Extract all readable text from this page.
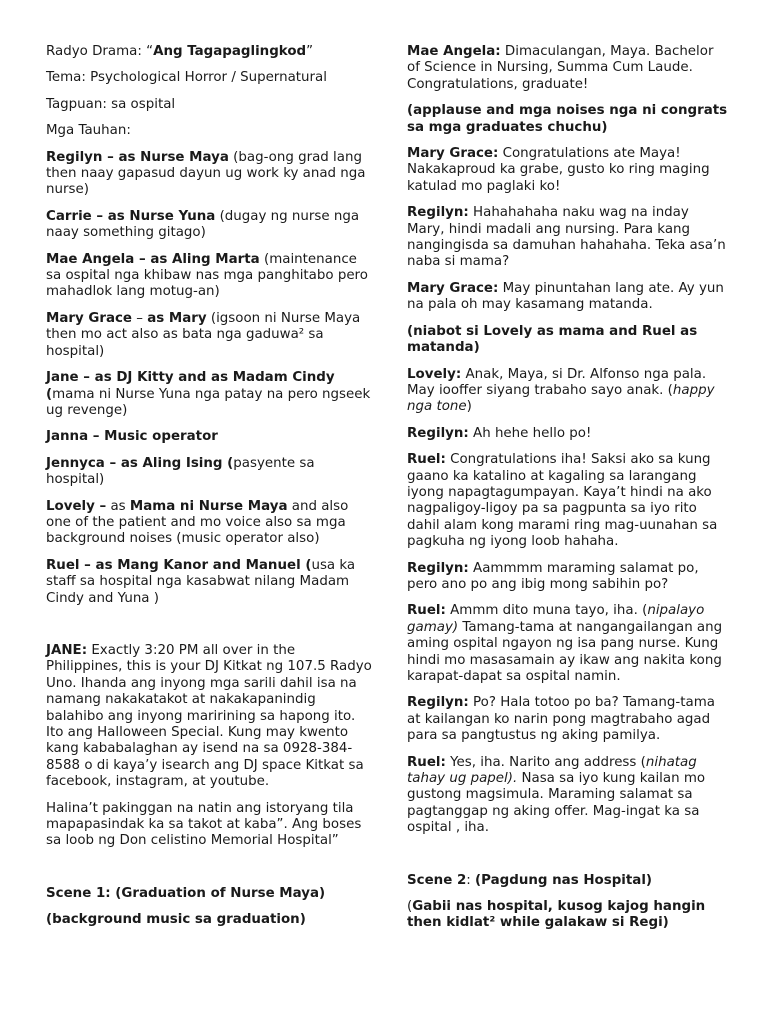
Radyo Drama: “Ang Tagapaglingkod”

Tema: Psychological Horror / Supernatural

Tagpuan: sa ospital

Mga Tauhan:

Regilyn – as Nurse Maya (bag-ong grad lang then naay gapasud dayun ug work ky anad nga nurse)

Carrie – as Nurse Yuna (dugay ng nurse nga naay something gitago)

Mae Angela – as Aling Marta (maintenance sa ospital nga khibaw nas mga panghitabo pero mahadlok lang motug-an)

Mary Grace – as Mary (igsoon ni Nurse Maya then mo act also as bata nga gaduwa² sa hospital)

Jane – as DJ Kitty and as Madam Cindy (mama ni Nurse Yuna nga patay na pero ngseek ug revenge)

Janna – Music operator

Jennyca – as Aling Ising (pasyente sa hospital)

Lovely – as Mama ni Nurse Maya and also one of the patient and mo voice also sa mga background noises (music operator also)

Ruel – as Mang Kanor and Manuel (usa ka staff sa hospital nga kasabwat nilang Madam Cindy and Yuna )

JANE: Exactly 3:20 PM all over in the Philippines, this is your DJ Kitkat ng 107.5 Radyo Uno. Ihanda ang inyong mga sarili dahil isa na namang nakakatakot at nakakapanindig balahibo ang inyong maririning sa hapong ito. Ito ang Halloween Special. Kung may kwento kang kababalaghan ay isend na sa 0928-384-8588 o di kaya’y isearch ang DJ space Kitkat sa facebook, instagram, at youtube.

Halina’t pakinggan na natin ang istoryang tila mapapasindak ka sa takot at kaba”. Ang boses sa loob ng Don celistino Memorial Hospital”

Scene 1: (Graduation of Nurse Maya)

(background music sa graduation)

Mae Angela: Dimaculangan, Maya. Bachelor of Science in Nursing, Summa Cum Laude. Congratulations, graduate!

(applause and mga noises nga ni congrats sa mga graduates chuchu)

Mary Grace: Congratulations ate Maya! Nakakaproud ka grabe, gusto ko ring maging katulad mo paglaki ko!

Regilyn: Hahahahaha naku wag na inday Mary, hindi madali ang nursing. Para kang nangingisda sa damuhan hahahaha. Teka asa’n naba si mama?

Mary Grace: May pinuntahan lang ate. Ay yun na pala oh may kasamang matanda.

(niabot si Lovely as mama and Ruel as matanda)

Lovely: Anak, Maya, si Dr. Alfonso nga pala. May iooffer siyang trabaho sayo anak. (happy nga tone)

Regilyn: Ah hehe hello po!

Ruel: Congratulations iha! Saksi ako sa kung gaano ka katalino at kagaling sa larangang iyong napagtagumpayan. Kaya’t hindi na ako nagpaligoy-ligoy pa sa pagpunta sa iyo rito dahil alam kong marami ring mag-uunahan sa pagkuha ng iyong loob hahaha.

Regilyn: Aammmm maraming salamat po, pero ano po ang ibig mong sabihin po?

Ruel: Ammm dito muna tayo, iha. (nipalayo gamay) Tamang-tama at nangangailangan ang aming ospital ngayon ng isa pang nurse. Kung hindi mo masasamain ay ikaw ang nakita kong karapat-dapat sa ospital namin.

Regilyn: Po? Hala totoo po ba? Tamang-tama at kailangan ko narin pong magtrabaho agad para sa pangtustus ng aking pamilya.

Ruel: Yes, iha. Narito ang address (nihatag tahay ug papel). Nasa sa iyo kung kailan mo gustong magsimula. Maraming salamat sa pagtanggap ng aking offer. Mag-ingat ka sa ospital , iha.

Scene 2: (Pagdung nas Hospital)

(Gabii nas hospital, kusog kajog hangin then kidlat² while galakaw si Regi)
